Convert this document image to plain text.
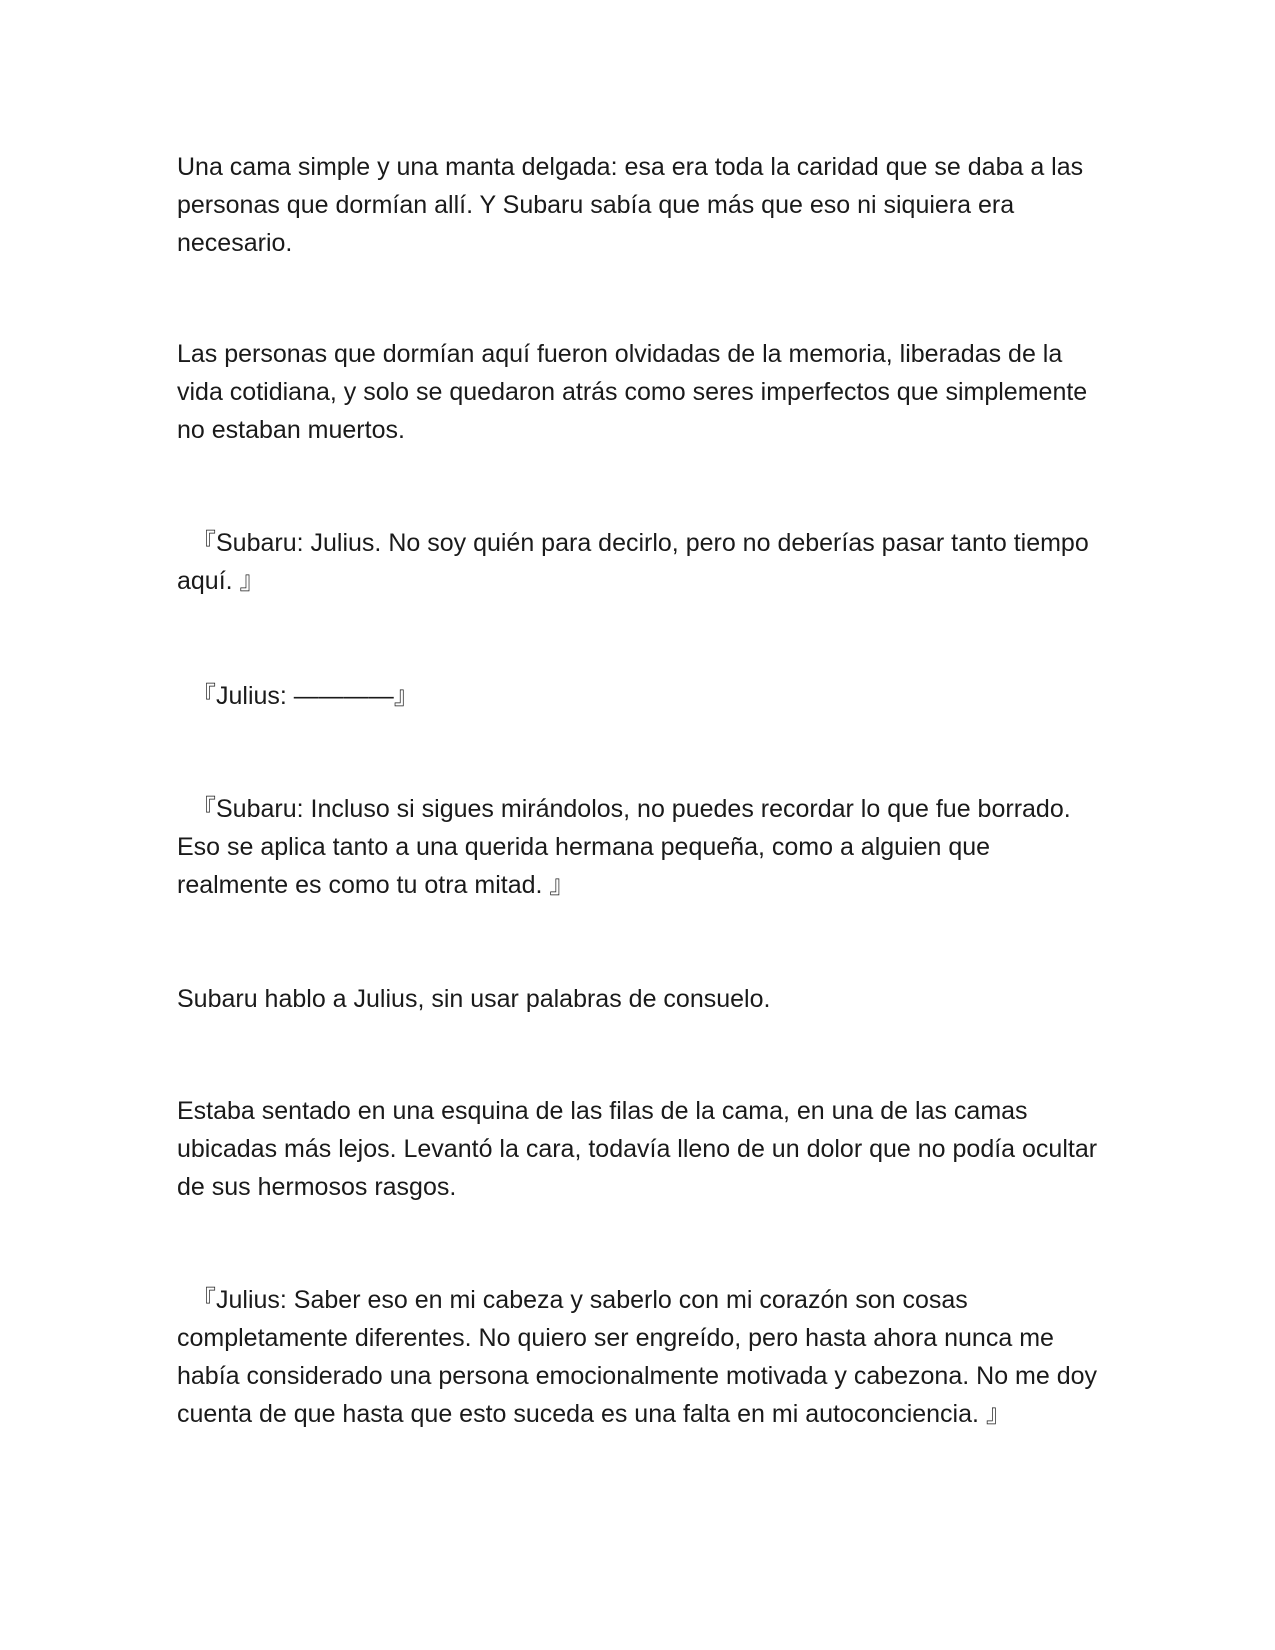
Una cama simple y una manta delgada: esa era toda la caridad que se daba a las personas que dormían allí. Y Subaru sabía que más que eso ni siquiera era necesario.

Las personas que dormían aquí fueron olvidadas de la memoria, liberadas de la vida cotidiana, y solo se quedaron atrás como seres imperfectos que simplemente no estaban muertos.

『Subaru: Julius. No soy quién para decirlo, pero no deberías pasar tanto tiempo aquí. 』

『Julius: ————』

『Subaru: Incluso si sigues mirándolos, no puedes recordar lo que fue borrado. Eso se aplica tanto a una querida hermana pequeña, como a alguien que realmente es como tu otra mitad. 』

Subaru hablo a Julius, sin usar palabras de consuelo.

Estaba sentado en una esquina de las filas de la cama, en una de las camas ubicadas más lejos. Levantó la cara, todavía lleno de un dolor que no podía ocultar de sus hermosos rasgos.

『Julius: Saber eso en mi cabeza y saberlo con mi corazón son cosas completamente diferentes. No quiero ser engreído, pero hasta ahora nunca me había considerado una persona emocionalmente motivada y cabezona. No me doy cuenta de que hasta que esto suceda es una falta en mi autoconciencia. 』
